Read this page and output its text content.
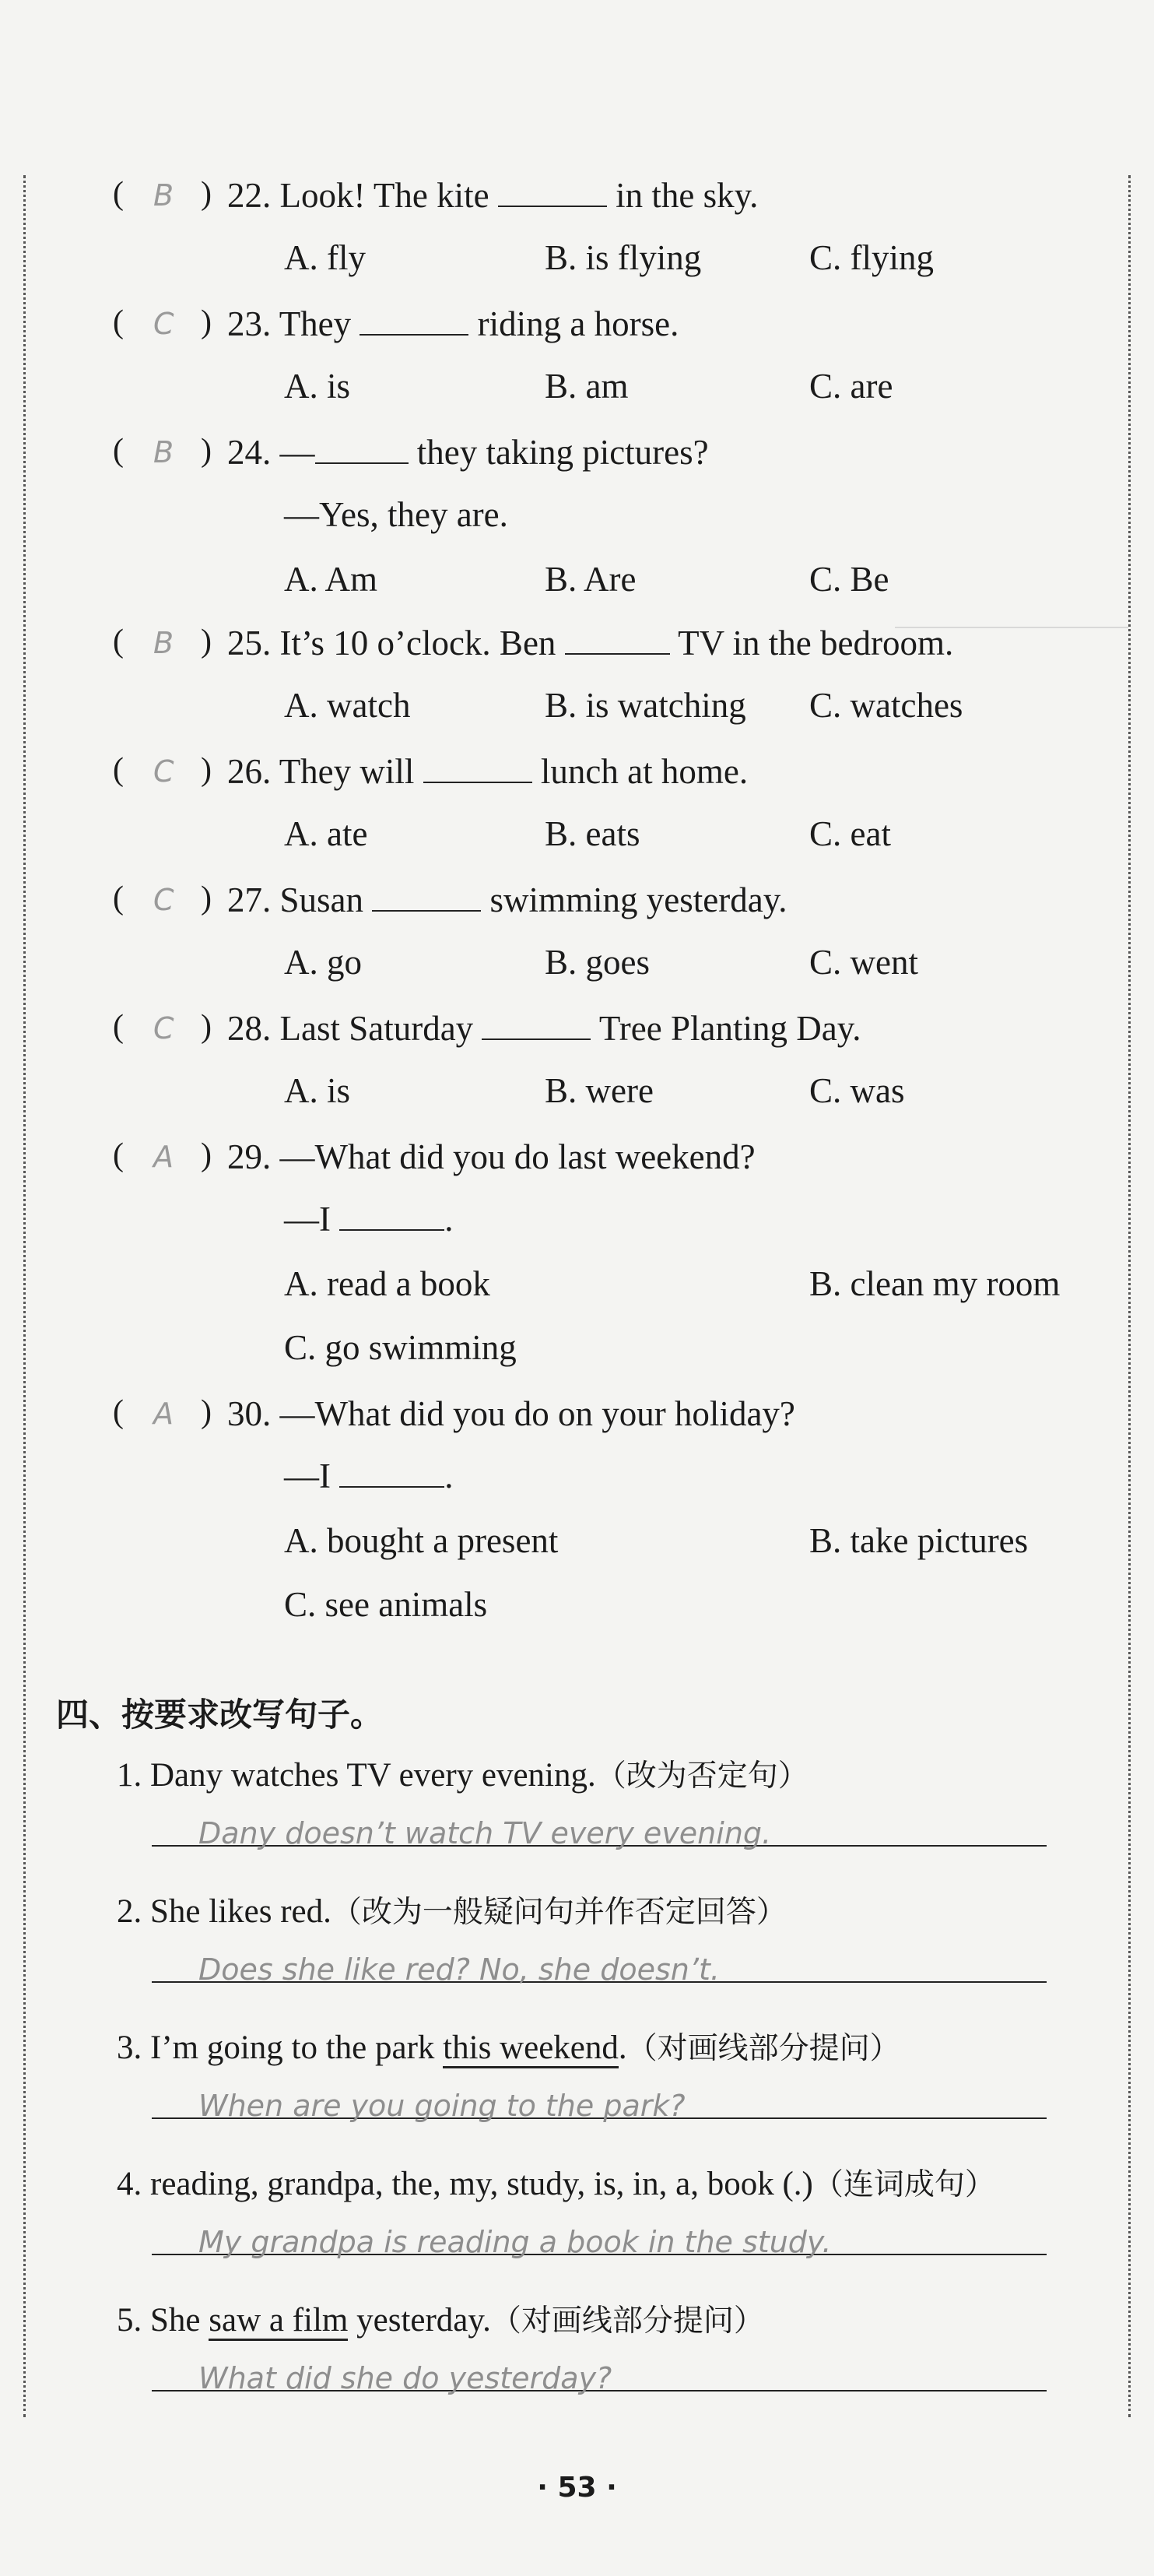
( B ) 22. Look! The kite	in the sky.
A. fly	B. is flying	C. flying
( C ) 23. They	riding a horse.
A. is	B. am	C. are
( B ) 24. —	they taking pictures?
—Yes, they are.
A. Am	B. Are	C. Be
( B ) 25. It’s 10 o’clock. Ben	TV in the bedroom.
A. watch	B. is watching C. watches
( C ) 26. They will	lunch at home.
A. ate	B. eats	C. eat
( C ) 27. Susan	swimming yesterday.
A. go	B. goes	C. went
( C ) 28. Last Saturday	Tree Planting Day.
A. is	B. were	C. was
( A ) 29. —What did you do last weekend?
—I	.
A. read a book	B. clean my room
C. go swimming
( A ) 30. —What did you do on your holiday?
—I	.
A. bought a present	B. take pictures
C. see animals
四、按要求改写句子。
1. Dany watches TV every evening.（改为否定句）
Dany doesn’t watch TV every evening.
2. She likes red.（改为一般疑问句并作否定回答）
Does she like red? No, she doesn’t.
3. I’m going to the park this weekend.（对画线部分提问）
When are you going to the park?
4. reading, grandpa, the, my, study, is, in, a, book (.)（连词成句）
My grandpa is reading a book in the study.
5. She saw a film yesterday.（对画线部分提问）
What did she do yesterday?
· 53 ·
